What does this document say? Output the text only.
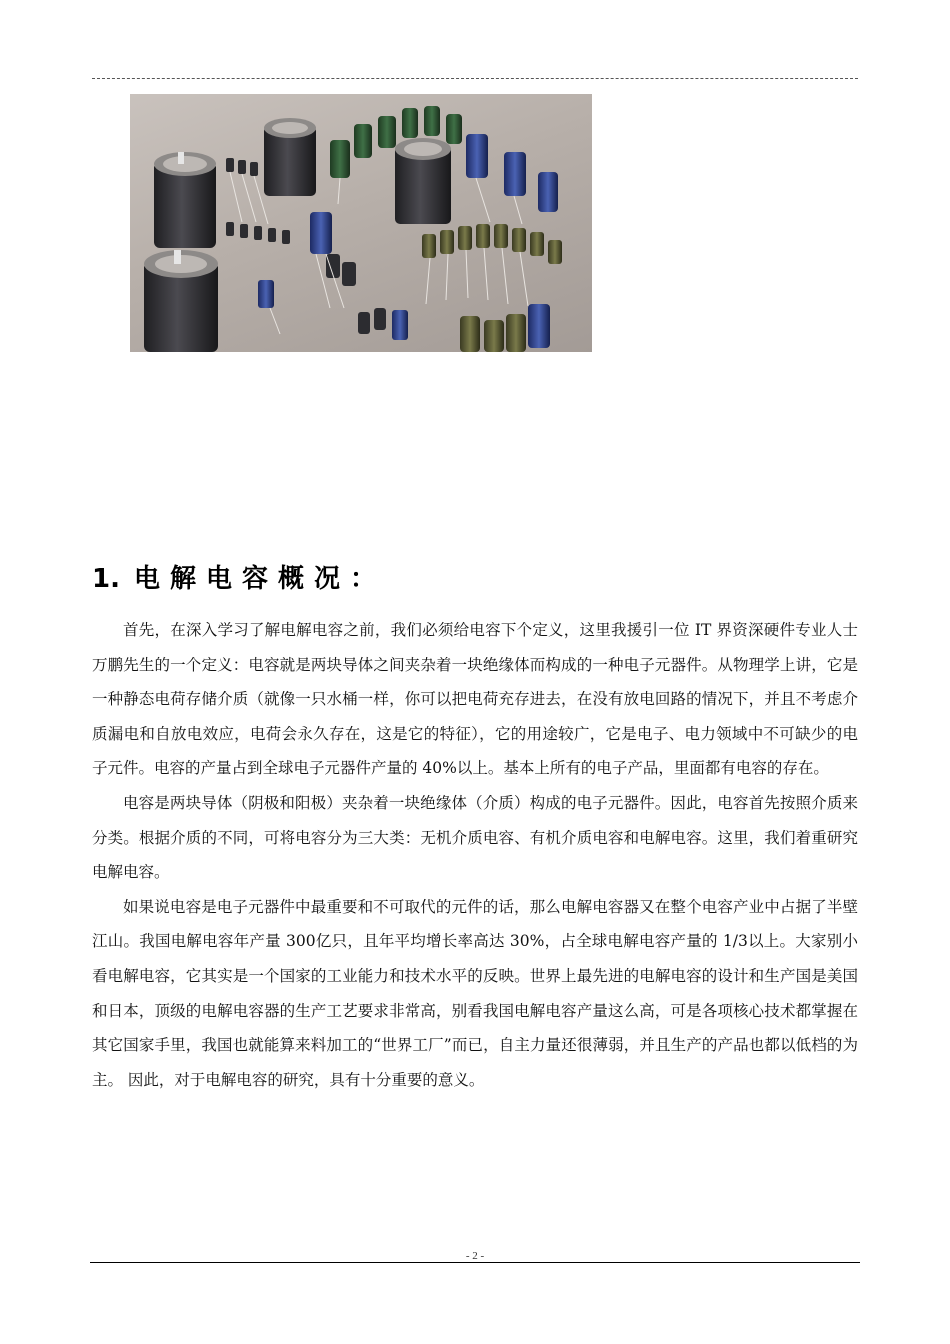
1. 电解电容概况：

首先，在深入学习了解电解电容之前，我们必须给电容下个定义，这里我援引一位 IT 界资深硬件专业人士万鹏先生的一个定义：电容就是两块导体之间夹杂着一块绝缘体而构成的一种电子元器件。从物理学上讲，它是一种静态电荷存储介质（就像一只水桶一样，你可以把电荷充存进去，在没有放电回路的情况下，并且不考虑介质漏电和自放电效应，电荷会永久存在，这是它的特征），它的用途较广，它是电子、电力领域中不可缺少的电子元件。电容的产量占到全球电子元器件产量的 40%以上。基本上所有的电子产品，里面都有电容的存在。

电容是两块导体（阴极和阳极）夹杂着一块绝缘体（介质）构成的电子元器件。因此，电容首先按照介质来分类。根据介质的不同，可将电容分为三大类：无机介质电容、有机介质电容和电解电容。这里，我们着重研究电解电容。

如果说电容是电子元器件中最重要和不可取代的元件的话，那么电解电容器又在整个电容产业中占据了半壁江山。我国电解电容年产量 300亿只，且年平均增长率高达 30%，占全球电解电容产量的 1/3以上。大家别小看电解电容，它其实是一个国家的工业能力和技术水平的反映。世界上最先进的电解电容的设计和生产国是美国和日本，顶级的电解电容器的生产工艺要求非常高，别看我国电解电容产量这么高，可是各项核心技术都掌握在其它国家手里，我国也就能算来料加工的“世界工厂”而已，自主力量还很薄弱，并且生产的产品也都以低档的为主。 因此，对于电解电容的研究，具有十分重要的意义。

- 2 -
